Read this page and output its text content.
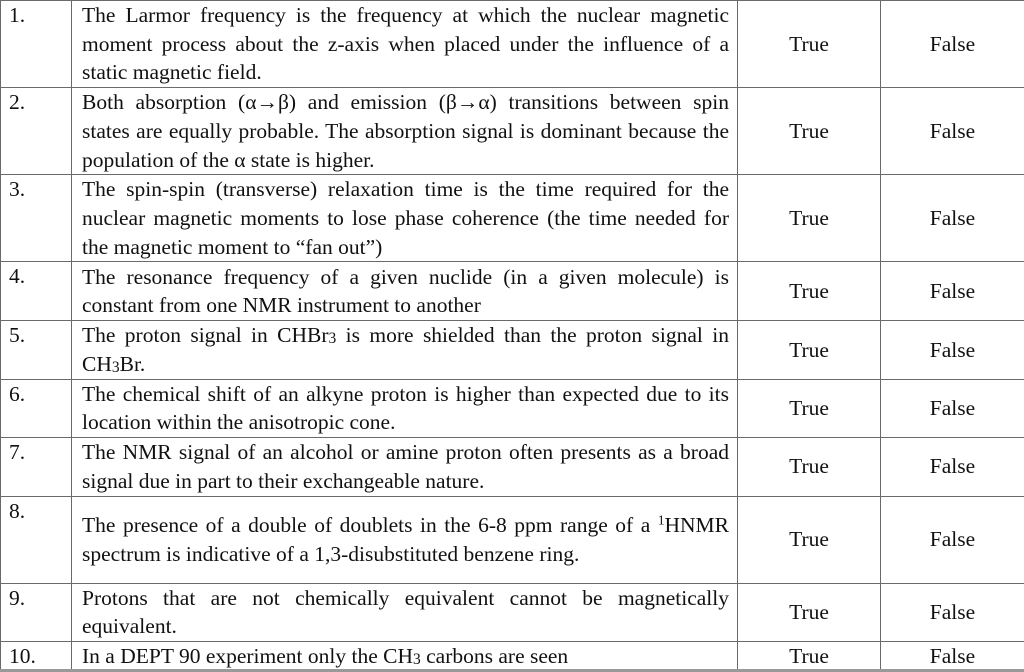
1.	The Larmor frequency is the frequency at which the nuclear magnetic moment process about the z-axis when placed under the influence of a static magnetic field.	True	False
2.	Both absorption (α→β) and emission (β→α) transitions between spin states are equally probable. The absorption signal is dominant because the population of the α state is higher.	True	False
3.	The spin-spin (transverse) relaxation time is the time required for the nuclear magnetic moments to lose phase coherence (the time needed for the magnetic moment to “fan out”)	True	False
4.	The resonance frequency of a given nuclide (in a given molecule) is constant from one NMR instrument to another	True	False
5.	The proton signal in CHBr$_3$ is more shielded than the proton signal in $CH_3Br$.	True	False
6.	The chemical shift of an alkyne proton is higher than expected due to its location within the anisotropic cone.	True	False
7.	The NMR signal of an alcohol or amine proton often presents as a broad signal due in part to their exchangeable nature.	True	False
8.	The presence of a double of doublets in the 6-8 ppm range of a $^1$HNMR spectrum is indicative of a 1,3-disubstituted benzene ring.	True	False
9.	Protons that are not chemically equivalent cannot be magnetically equivalent.	True	False
10.	In a DEPT 90 experiment only the $CH_3$ carbons are seen	True	False
